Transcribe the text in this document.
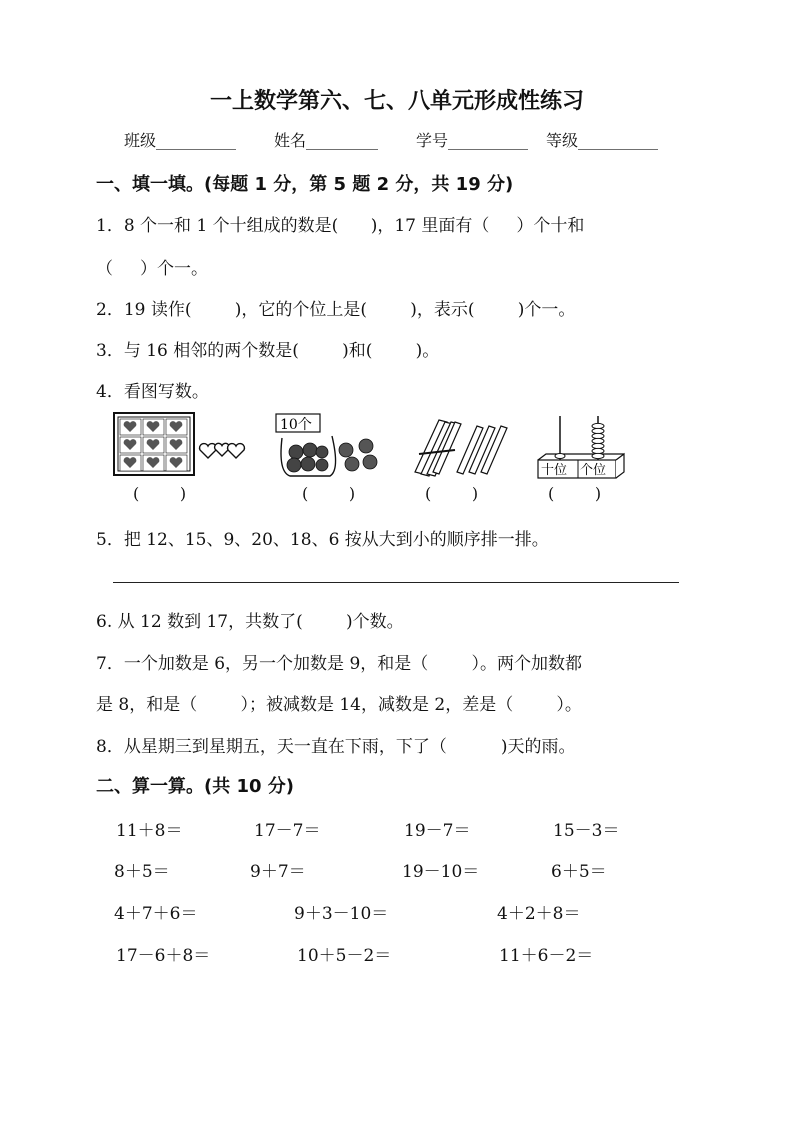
一上数学第六、七、八单元形成性练习
班级__________ 姓名_________ 学号__________ 等级__________
一、填一填。(每题 1 分，第 5 题 2 分，共 19 分)
1．8 个一和 1 个十组成的数是(      )，17 里面有（     ）个十和
（     ）个一。
2．19 读作(        )，它的个位上是(        )，表示(        )个一。
3．与 16 相邻的两个数是(        )和(        )。
4．看图写数。
10个
十位 个位
(        )	(        )	(        )	(        )
5．把 12、15、9、20、18、6 按从大到小的顺序排一排。
6. 从 12 数到 17，共数了(        )个数。
7．一个加数是 6，另一个加数是 9，和是（        ）。两个加数都
是 8，和是（        ）；被减数是 14，减数是 2，差是（        ）。
8．从星期三到星期五，天一直在下雨，下了（          )天的雨。
二、算一算。(共 10 分)
11＋8＝	17－7＝	19－7＝	15－3＝
8＋5＝	9＋7＝	19－10＝	6＋5＝
4＋7＋6＝	9＋3－10＝	4＋2＋8＝
17－6＋8＝	10＋5－2＝	11＋6－2＝
